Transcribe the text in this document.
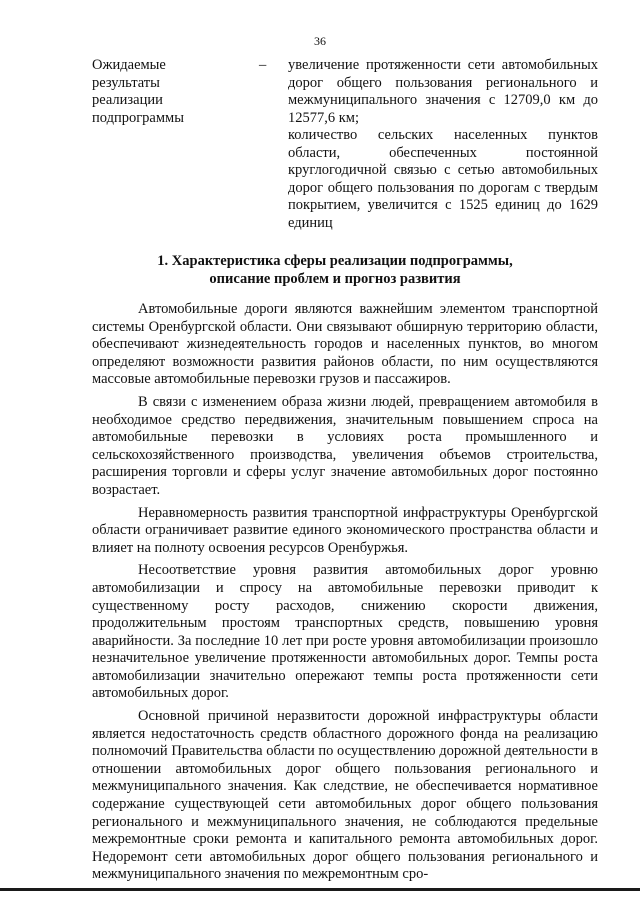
36
Ожидаемые
результаты
реализации
подпрограммы
– увеличение протяженности сети автомобильных дорог общего пользования регионального и межмуниципального значения с 12709,0 км до 12577,6 км;

количество сельских населенных пунктов области, обеспеченных постоянной круглогодичной связью с сетью автомобильных дорог общего пользования по дорогам с твердым покрытием, увеличится с 1525 единиц до 1629 единиц

1. Характеристика сферы реализации подпрограммы,
описание проблем и прогноз развития

Автомобильные дороги являются важнейшим элементом транспортной системы Оренбургской области. Они связывают обширную территорию области, обеспечивают жизнедеятельность городов и населенных пунктов, во многом определяют возможности развития районов области, по ним осуществляются массовые автомобильные перевозки грузов и пассажиров.

В связи с изменением образа жизни людей, превращением автомобиля в необходимое средство передвижения, значительным повышением спроса на автомобильные перевозки в условиях роста промышленного и сельскохозяйственного производства, увеличения объемов строительства, расширения торговли и сферы услуг значение автомобильных дорог постоянно возрастает.

Неравномерность развития транспортной инфраструктуры Оренбургской области ограничивает развитие единого экономического пространства области и влияет на полноту освоения ресурсов Оренбуржья.

Несоответствие уровня развития автомобильных дорог уровню автомобилизации и спросу на автомобильные перевозки приводит к существенному росту расходов, снижению скорости движения, продолжительным простоям транспортных средств, повышению уровня аварийности. За последние 10 лет при росте уровня автомобилизации произошло незначительное увеличение протяженности автомобильных дорог. Темпы роста автомобилизации значительно опережают темпы роста протяженности сети автомобильных дорог.

Основной причиной неразвитости дорожной инфраструктуры области является недостаточность средств областного дорожного фонда на реализацию полномочий Правительства области по осуществлению дорожной деятельности в отношении автомобильных дорог общего пользования регионального и межмуниципального значения. Как следствие, не обеспечивается нормативное содержание существующей сети автомобильных дорог общего пользования регионального и межмуниципального значения, не соблюдаются предельные межремонтные сроки ремонта и капитального ремонта автомобильных дорог. Недоремонт сети автомобильных дорог общего пользования регионального и межмуниципального значения по межремонтным сро-
